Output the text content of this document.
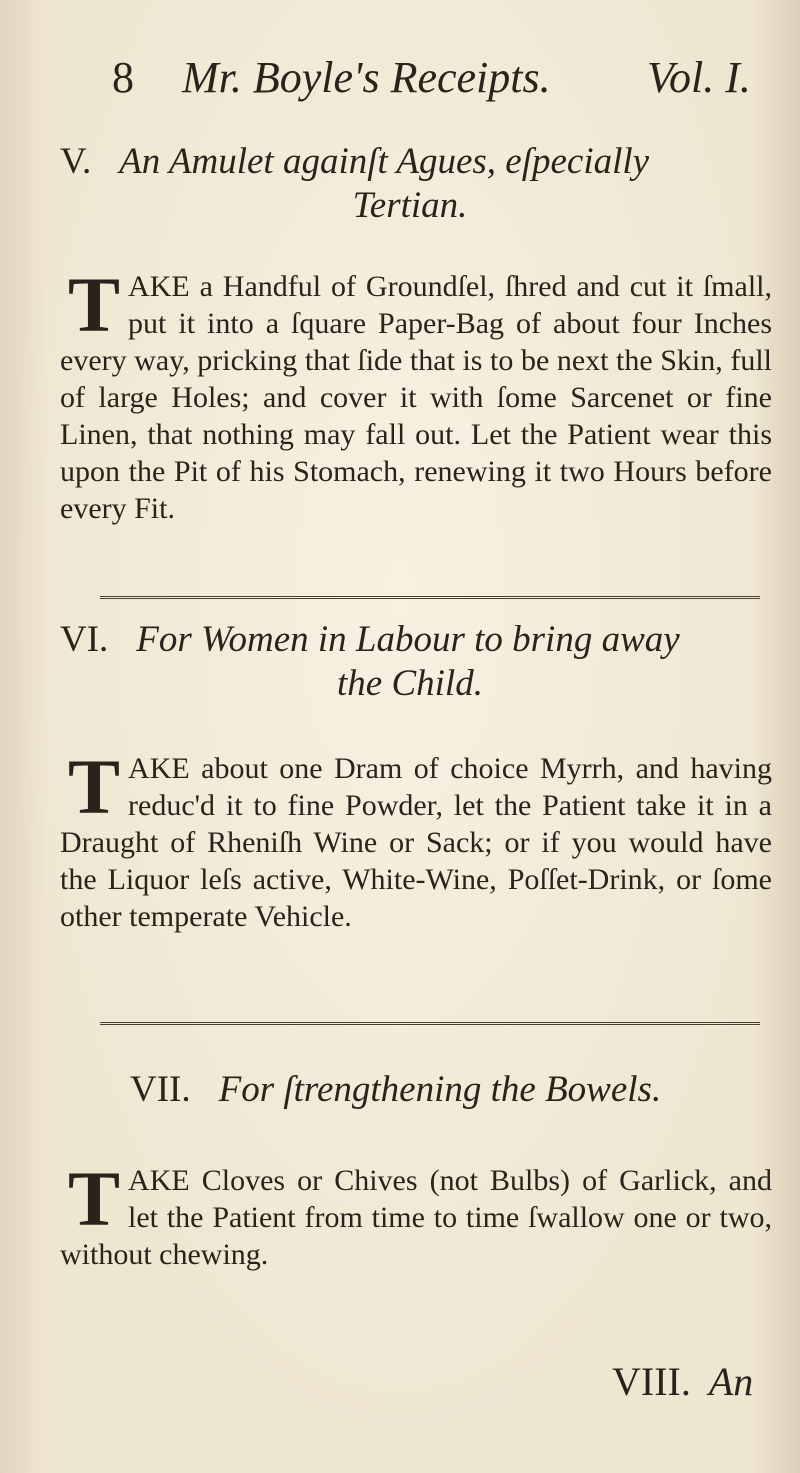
8 Mr. Boyle's Receipts. Vol. I.
V. An Amulet againſt Agues, eſpecially
Tertian.
TAKE a Handful of Groundſel, ſhred and cut it ſmall, put it into a ſquare Paper-Bag of about four Inches every way, pricking that ſide that is to be next the Skin, full of large Holes; and cover it with ſome Sarcenet or fine Linen, that nothing may fall out. Let the Patient wear this upon the Pit of his Stomach, renewing it two Hours before every Fit.
VI. For Women in Labour to bring away
the Child.
TAKE about one Dram of choice Myrrh, and having reduc'd it to fine Powder, let the Patient take it in a Draught of Rheniſh Wine or Sack; or if you would have the Liquor leſs active, White-Wine, Poſſet-Drink, or ſome other temperate Vehicle.
VII. For ſtrengthening the Bowels.
TAKE Cloves or Chives (not Bulbs) of Garlick, and let the Patient from time to time ſwallow one or two, without chewing.
VIII. An
